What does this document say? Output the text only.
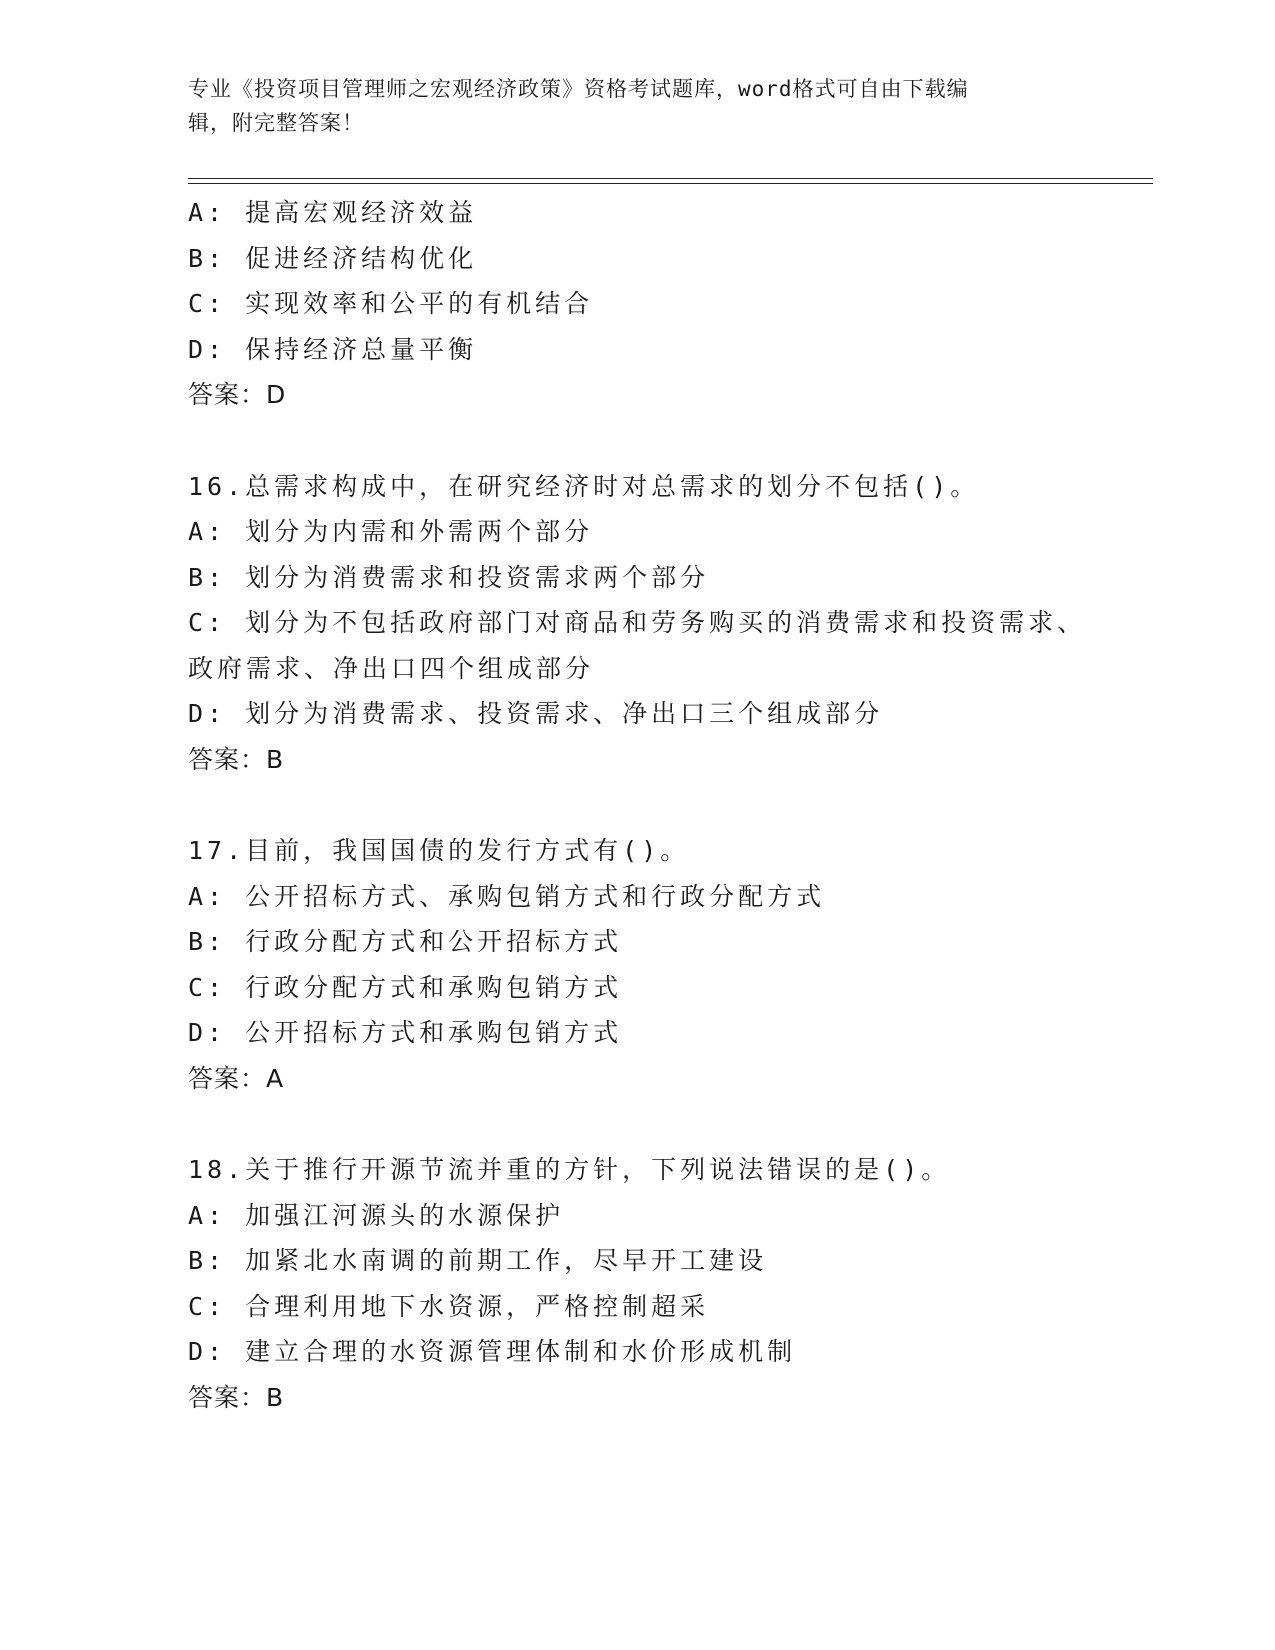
专业《投资项目管理师之宏观经济政策》资格考试题库，word格式可自由下载编
辑，附完整答案！
A: 提高宏观经济效益
B: 促进经济结构优化
C: 实现效率和公平的有机结合
D: 保持经济总量平衡
答案：D
16.总需求构成中，在研究经济时对总需求的划分不包括()。
A: 划分为内需和外需两个部分
B: 划分为消费需求和投资需求两个部分
C: 划分为不包括政府部门对商品和劳务购买的消费需求和投资需求、
政府需求、净出口四个组成部分
D: 划分为消费需求、投资需求、净出口三个组成部分
答案：B
17.目前，我国国债的发行方式有()。
A: 公开招标方式、承购包销方式和行政分配方式
B: 行政分配方式和公开招标方式
C: 行政分配方式和承购包销方式
D: 公开招标方式和承购包销方式
答案：A
18.关于推行开源节流并重的方针，下列说法错误的是()。
A: 加强江河源头的水源保护
B: 加紧北水南调的前期工作，尽早开工建设
C: 合理利用地下水资源，严格控制超采
D: 建立合理的水资源管理体制和水价形成机制
答案：B
